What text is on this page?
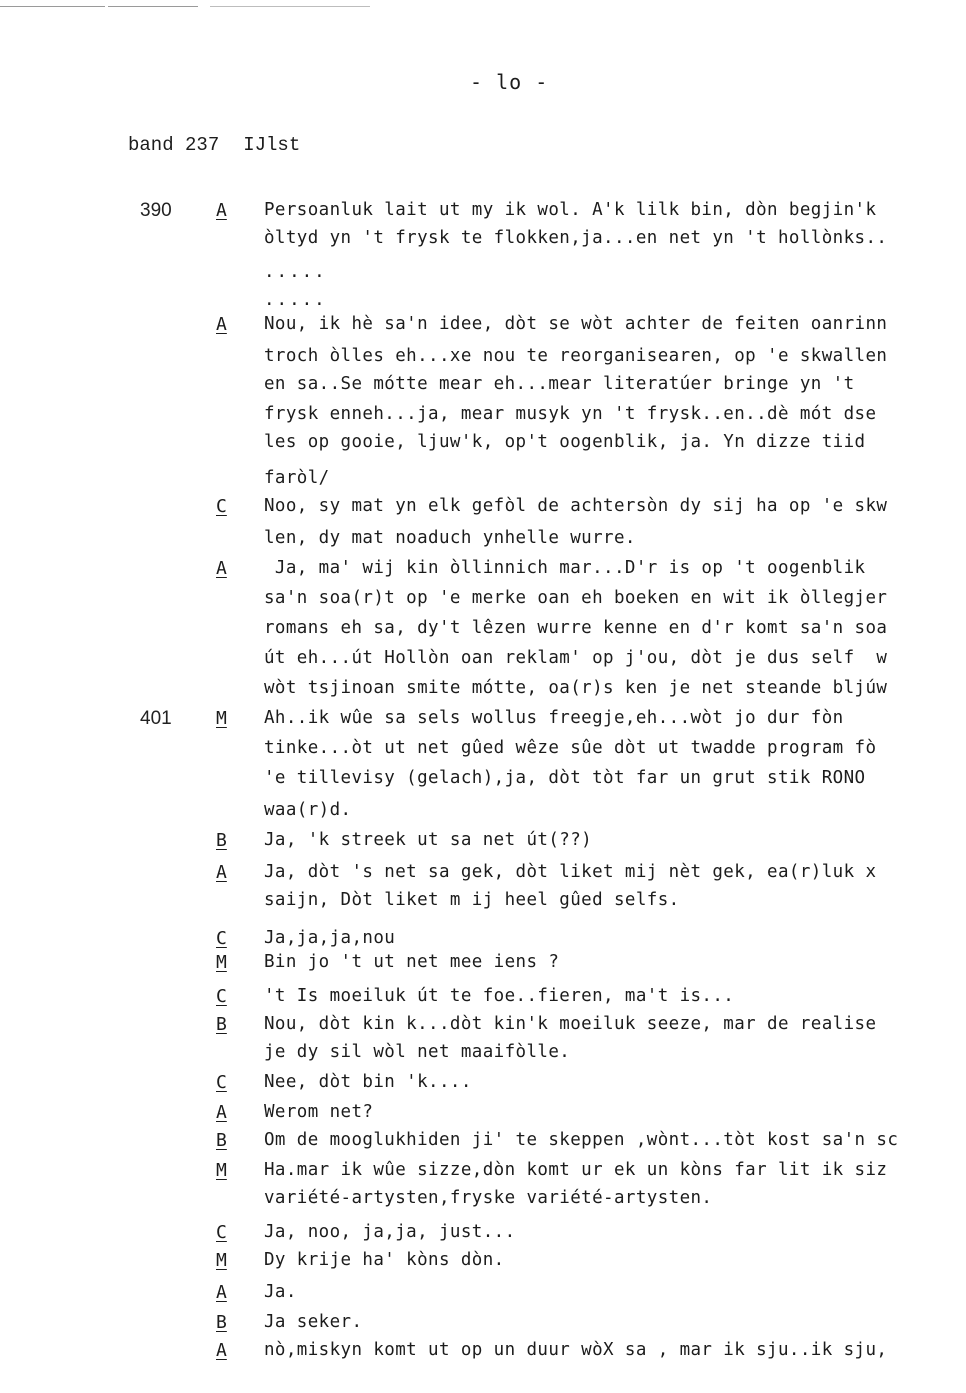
- lo -
band 237 IJlst
390 A Persoanluk lait ut my ik wol. A'k lilk bin, dòn begjin'k
òltyd yn 't frysk te flokken,ja...en net yn 't hollònks..
.....
.....
A Nou, ik hè sa'n idee, dòt se wòt achter de feiten oanrinn
troch òlles eh...xe nou te reorganisearen, op 'e skwallen
en sa..Se mótte mear eh...mear literatúer bringe yn 't
frysk enneh...ja, mear musyk yn 't frysk..en..dè mót dse
les op gooie, ljuw'k, op't oogenblik, ja. Yn dizze tiid
faròl/
C Noo, sy mat yn elk gefòl de achtersòn dy sij ha op 'e skw
len, dy mat noaduch ynhelle wurre.
A Ja, ma' wij kin òllinnich mar...D'r is op 't oogenblik
sa'n soa(r)t op 'e merke oan eh boeken en wit ik òllegjer
romans eh sa, dy't lêzen wurre kenne en d'r komt sa'n soa
út eh...út Hollòn oan reklam' op j'ou, dòt je dus self  w
wòt tsjinoan smite mótte, oa(r)s ken je net steande bljúw
401 M Ah..ik wûe sa sels wollus freegje,eh...wòt jo dur fòn
tinke...òt ut net gûed wêze sûe dòt ut twadde program fò
'e tillevisy (gelach),ja, dòt tòt far un grut stik RONO
waa(r)d.
B Ja, 'k streek ut sa net út(??)
A Ja, dòt 's net sa gek, dòt liket mij nèt gek, ea(r)luk x
saijn, Dòt liket m ij heel gûed selfs.
C Ja,ja,ja,nou
M Bin jo 't ut net mee iens ?
C 't Is moeiluk út te foe..fieren, ma't is...
B Nou, dòt kin k...dòt kin'k moeiluk seeze, mar de realise
je dy sil wòl net maaifòlle.
C Nee, dòt bin 'k....
A Werom net?
B Om de mooglukhiden ji' te skeppen ,wònt...tòt kost sa'n sc
M Ha.mar ik wûe sizze,dòn komt ur ek un kòns far lit ik siz
variété-artysten,fryske variété-artysten.
C Ja, noo, ja,ja, just...
M Dy krije ha' kòns dòn.
A Ja.
B Ja seker.
A nò,miskyn komt ut op un duur wòX sa , mar ik sju..ik sju,
